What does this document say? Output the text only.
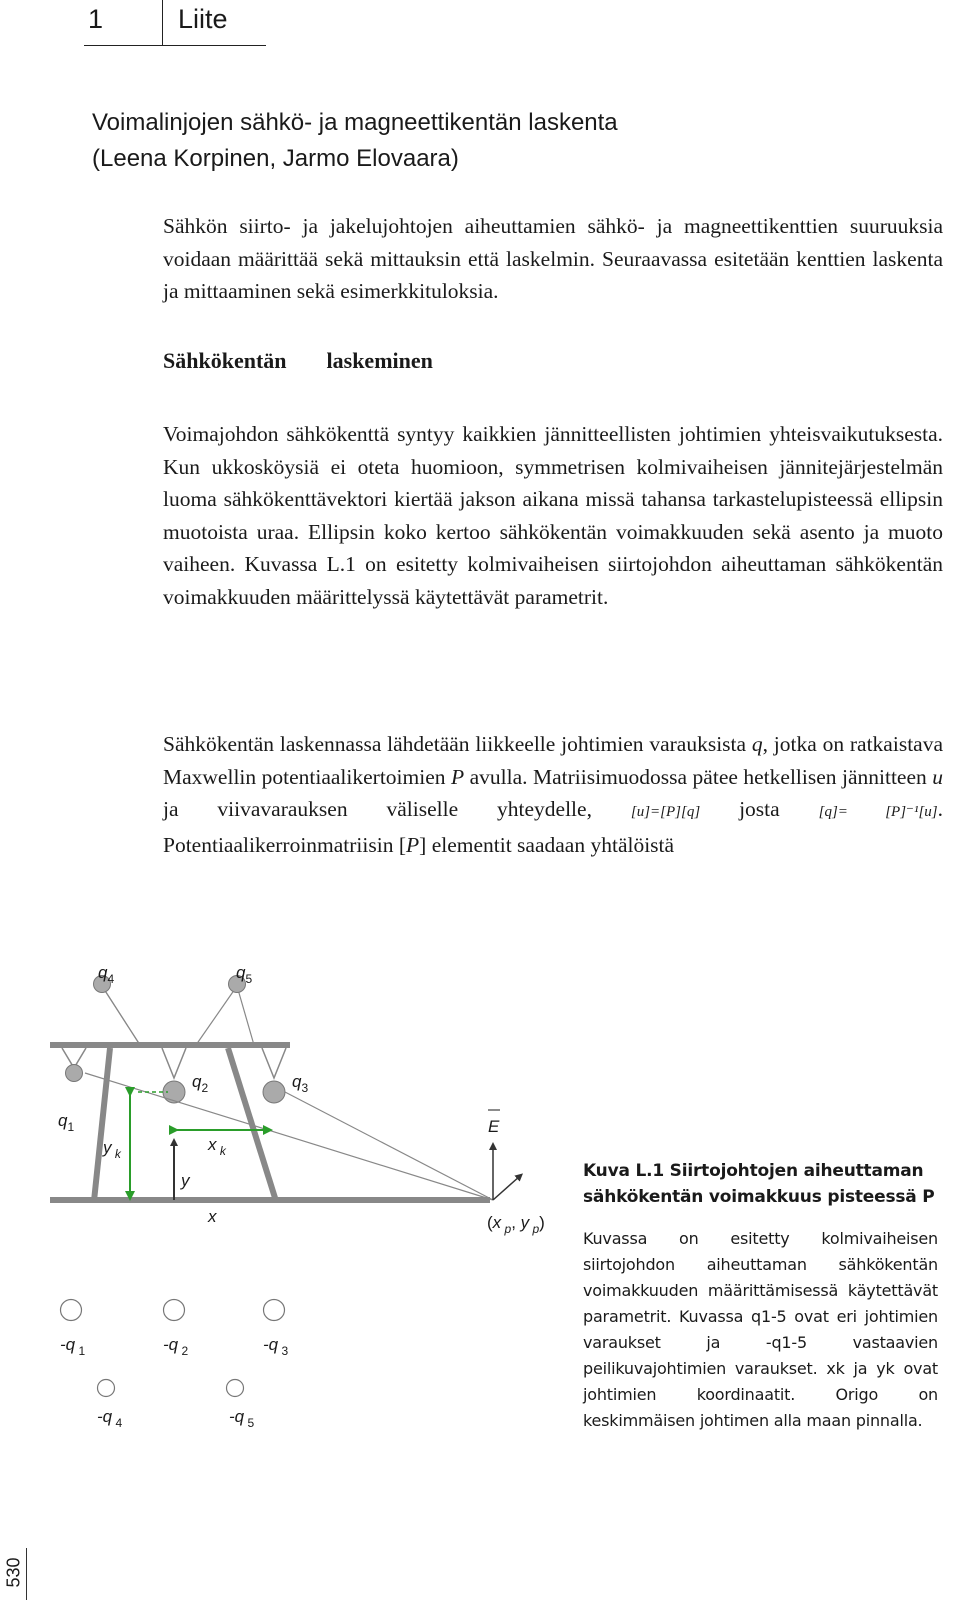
1	Liite
Voimalinjojen sähkö- ja magneettikentän laskenta
(Leena Korpinen, Jarmo Elovaara)

Sähkön siirto- ja jakelujohtojen aiheuttamien sähkö- ja magneettikenttien suuruuksia voidaan määrittää sekä mittauksin että laskelmin. Seuraavassa esitetään kenttien laskenta ja mittaaminen sekä esimerkkituloksia.

Sähkökentän laskeminen

Voimajohdon sähkökenttä syntyy kaikkien jännitteellisten johtimien yhteisvaikutuksesta. Kun ukkosköysiä ei oteta huomioon, symmetrisen kolmivaiheisen jännitejärjestelmän luoma sähkökenttävektori kiertää jakson aikana missä tahansa tarkastelupisteessä ellipsin muotoista uraa. Ellipsin koko kertoo sähkökentän voimakkuuden sekä asento ja muoto vaiheen. Kuvassa L.1 on esitetty kolmivaiheisen siirtojohdon aiheuttaman sähkökentän voimakkuuden määrittelyssä käytettävät parametrit.

Sähkökentän laskennassa lähdetään liikkeelle johtimien varauksista q, jotka on ratkaistava Maxwellin potentiaalikertoimien P avulla. Matriisimuodossa pätee hetkellisen jännitteen u ja viivavarauksen väliselle yhteydelle, [u]=[P][q] josta [q]= [P]⁻¹[u]. Potentiaalikerroinmatriisin [P] elementit saadaan yhtälöistä

$q_4$	$q_5$
$q_2$	$q_3$
$q_1$
y $_k$	x $_k$
y
x
E
(x $_p$, y $_p$)
-q $_1$	-q $_2$	-q $_3$
-q $_4$	-q $_5$

Kuva L.1 Siirtojohtojen aiheuttaman sähkökentän voimakkuus pisteessä P

Kuvassa on esitetty kolmivaiheisen siirtojohdon aiheuttaman sähkökentän voimakkuuden määrittämisessä käytettävät parametrit. Kuvassa q1-5 ovat eri johtimien varaukset ja -q1-5 vastaavien peilikuvajohtimien varaukset. xk ja yk ovat johtimien koordinaatit. Origo on keskimmäisen johtimen alla maan pinnalla.

530
